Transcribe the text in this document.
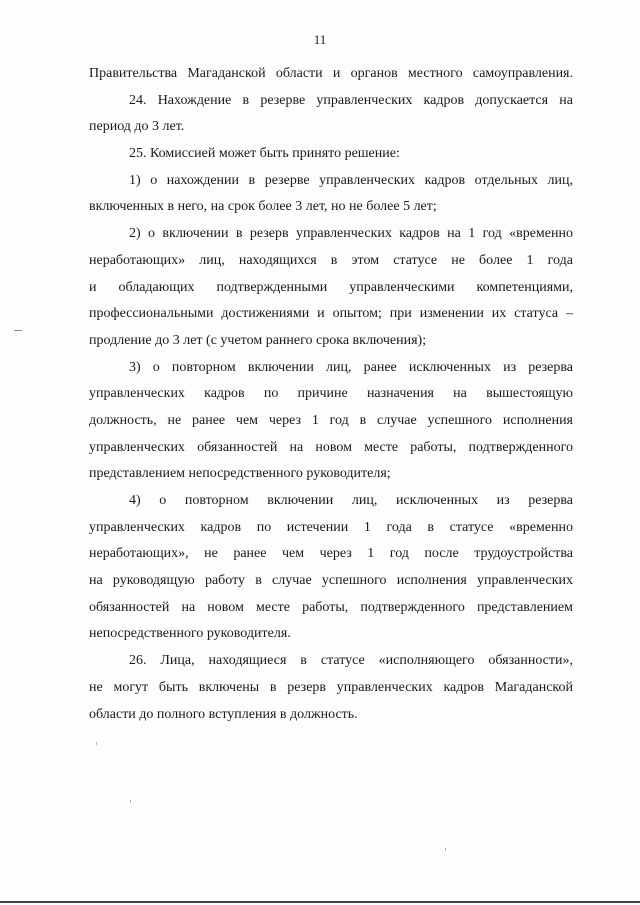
11
Правительства Магаданской области и органов местного самоуправления.
24. Нахождение в резерве управленческих кадров допускается на
период до 3 лет.
25. Комиссией может быть принято решение:
1) о нахождении в резерве управленческих кадров отдельных лиц,
включенных в него, на срок более 3 лет, но не более 5 лет;
2) о включении в резерв управленческих кадров на 1 год «временно
неработающих» лиц, находящихся в этом статусе не более 1 года
и обладающих подтвержденными управленческими компетенциями,
профессиональными достижениями и опытом; при изменении их статуса –
продление до 3 лет (с учетом раннего срока включения);
3) о повторном включении лиц, ранее исключенных из резерва
управленческих кадров по причине назначения на вышестоящую
должность, не ранее чем через 1 год в случае успешного исполнения
управленческих обязанностей на новом месте работы, подтвержденного
представлением непосредственного руководителя;
4) о повторном включении лиц, исключенных из резерва
управленческих кадров по истечении 1 года в статусе «временно
неработающих», не ранее чем через 1 год после трудоустройства
на руководящую работу в случае успешного исполнения управленческих
обязанностей на новом месте работы, подтвержденного представлением
непосредственного руководителя.
26. Лица, находящиеся в статусе «исполняющего обязанности»,
не могут быть включены в резерв управленческих кадров Магаданской
области до полного вступления в должность.
